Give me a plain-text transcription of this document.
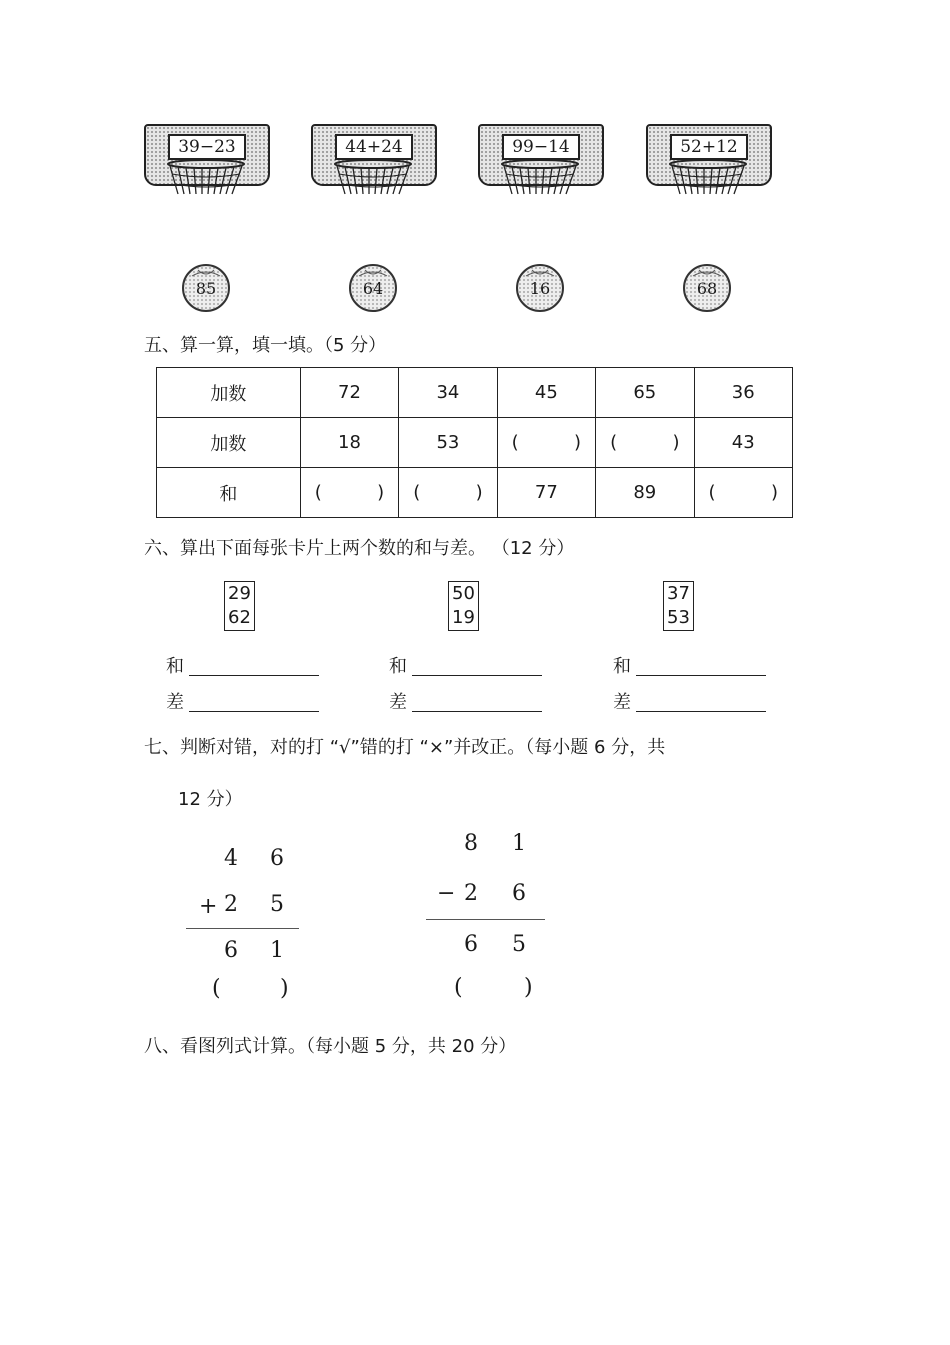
39−23	44+24	99−14	52+12
85	64	16	68
五、算一算，填一填。（5 分）
加数	72	34	45	65	36
加数	18	53	( )	( )	43
和	( )	( )	77	89	( )
六、算出下面每张卡片上两个数的和与差。 （12 分）
29
62
50
19
37
53
和
差
和
差
和
差
七、判断对错，对的打 “√”错的打 “×”并改正。（每小题 6 分，共
12 分）
4 6
+ 2 5
6 1
(	)
8 1
− 2 6
6 5
(	)
八、看图列式计算。（每小题 5 分，共 20 分）
